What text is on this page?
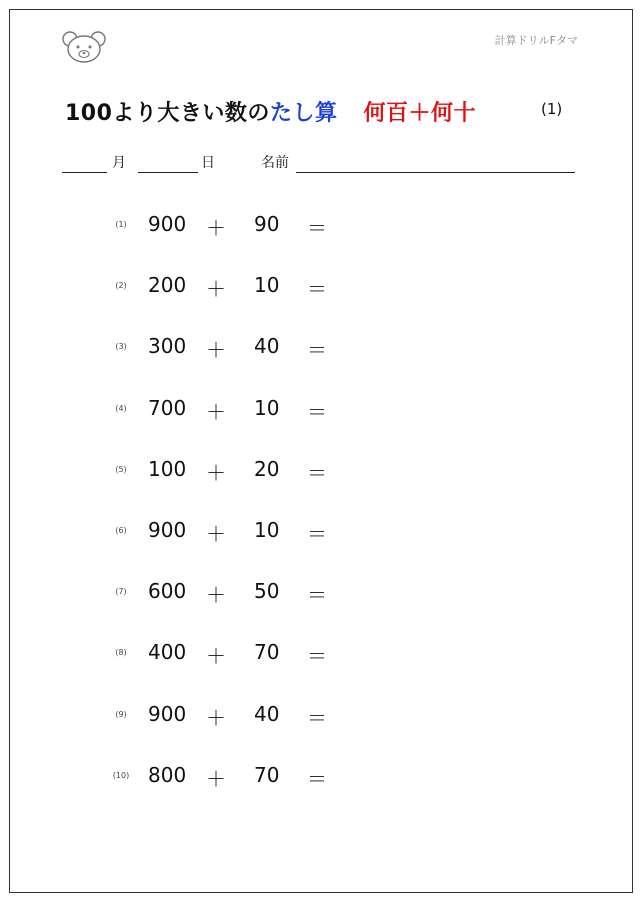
計算ドリルFタマ
100より大きい数のたし算 何百＋何十	(1)
月	日	名前
(1)	900 ＋ 90 ＝
(2)	200 ＋ 10 ＝
(3)	300 ＋ 40 ＝
(4)	700 ＋ 10 ＝
(5)	100 ＋ 20 ＝
(6)	900 ＋ 10 ＝
(7)	600 ＋ 50 ＝
(8)	400 ＋ 70 ＝
(9)	900 ＋ 40 ＝
(10) 800 ＋ 70 ＝
